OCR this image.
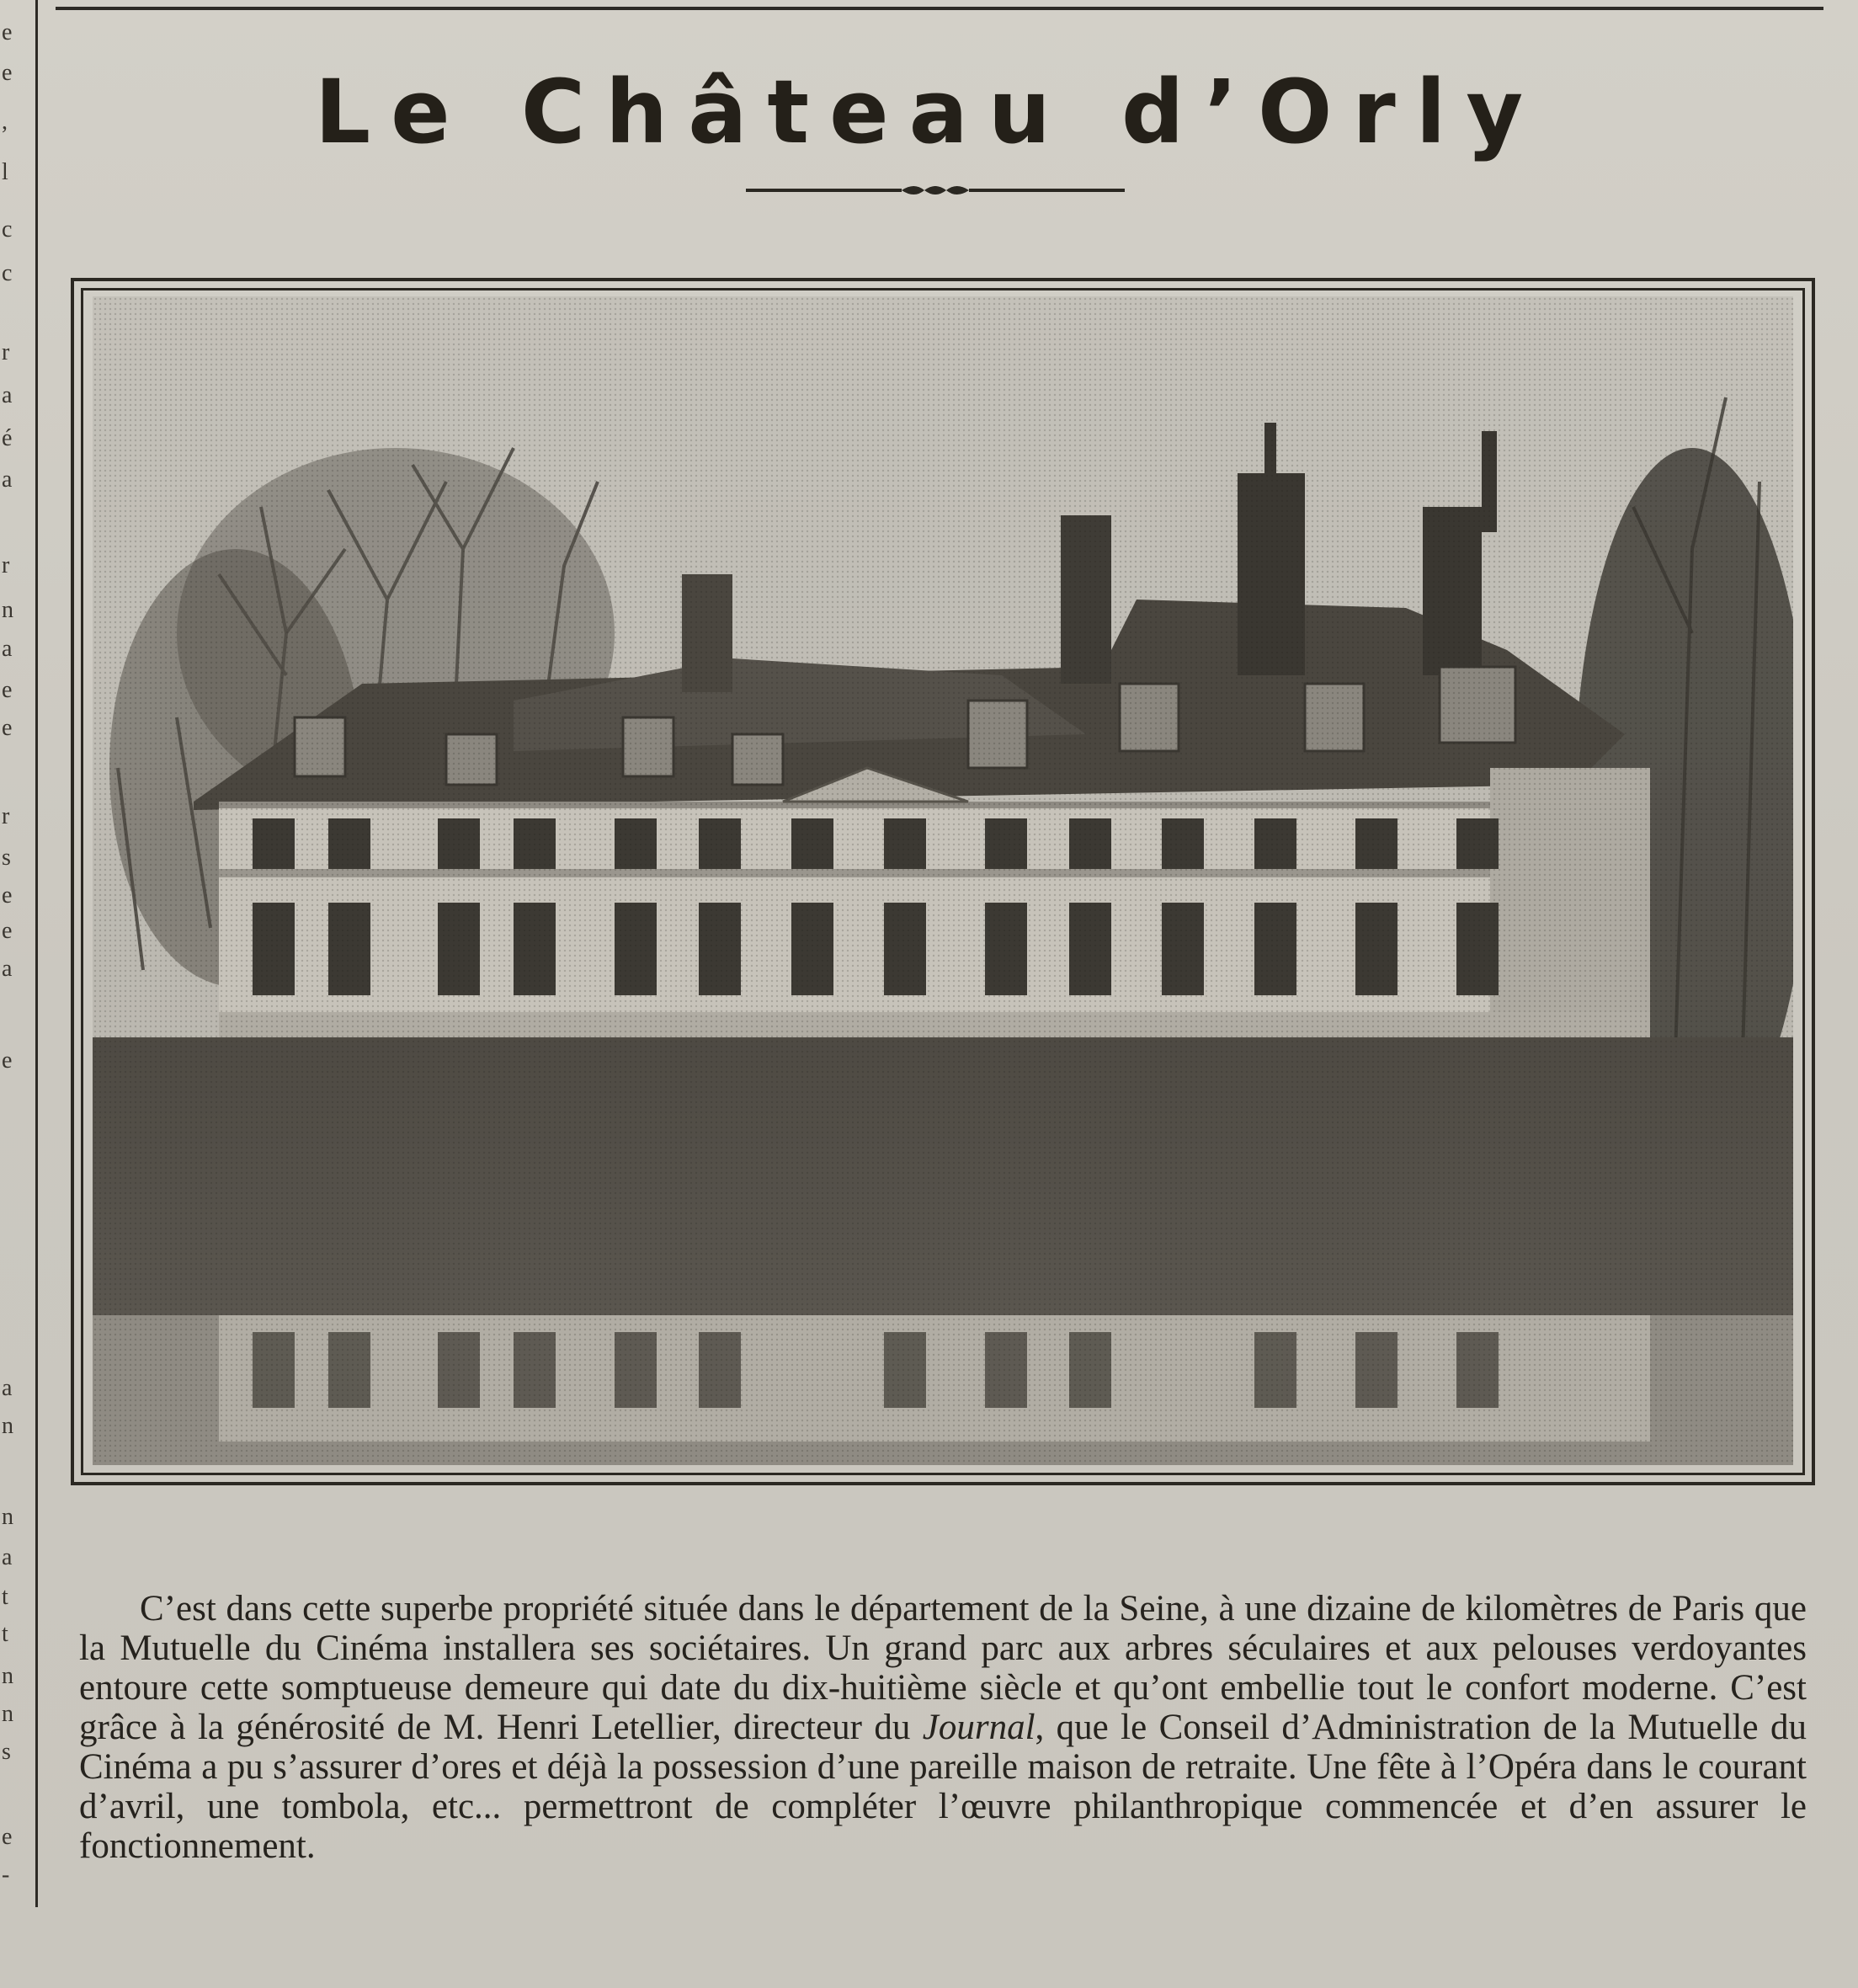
e
e
,
l
c
c
r
a
é
a
r
n
a
e
e
r
s
e
e
a
e
a
n
n
a
t
t
n
n
s
e
-
Le Château d’Orly

C’est dans cette superbe propriété située dans le département de la Seine, à une dizaine de kilomètres de Paris que la Mutuelle du Cinéma installera ses sociétaires. Un grand parc aux arbres séculaires et aux pelouses verdoyantes entoure cette somptueuse demeure qui date du dix-huitième siècle et qu’ont embellie tout le confort moderne. C’est grâce à la générosité de M. Henri Letellier, directeur du Journal, que le Conseil d’Administration de la Mutuelle du Cinéma a pu s’assurer d’ores et déjà la possession d’une pareille maison de retraite. Une fête à l’Opéra dans le courant d’avril, une tombola, etc... permettront de compléter l’œuvre philanthropique commencée et d’en assurer le fonctionnement.
